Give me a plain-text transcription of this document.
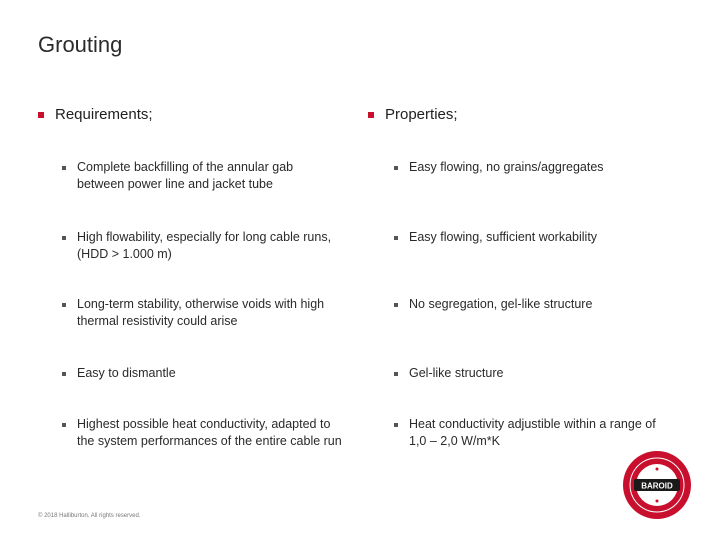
Grouting
Requirements;	Properties;
Complete backfilling of the annular gab between power line and jacket tube
High flowability, especially for long cable runs, (HDD > 1.000 m)
Long-term stability, otherwise voids with high thermal resistivity could arise
Easy to dismantle
Highest possible heat conductivity, adapted to the system performances of the entire cable run
Easy flowing, no grains/aggregates
Easy flowing, sufficient workability
No segregation, gel-like structure
Gel-like structure
Heat conductivity adjustible within a range of 1,0 – 2,0 W/m*K
© 2018 Halliburton. All rights reserved.
BAROID
